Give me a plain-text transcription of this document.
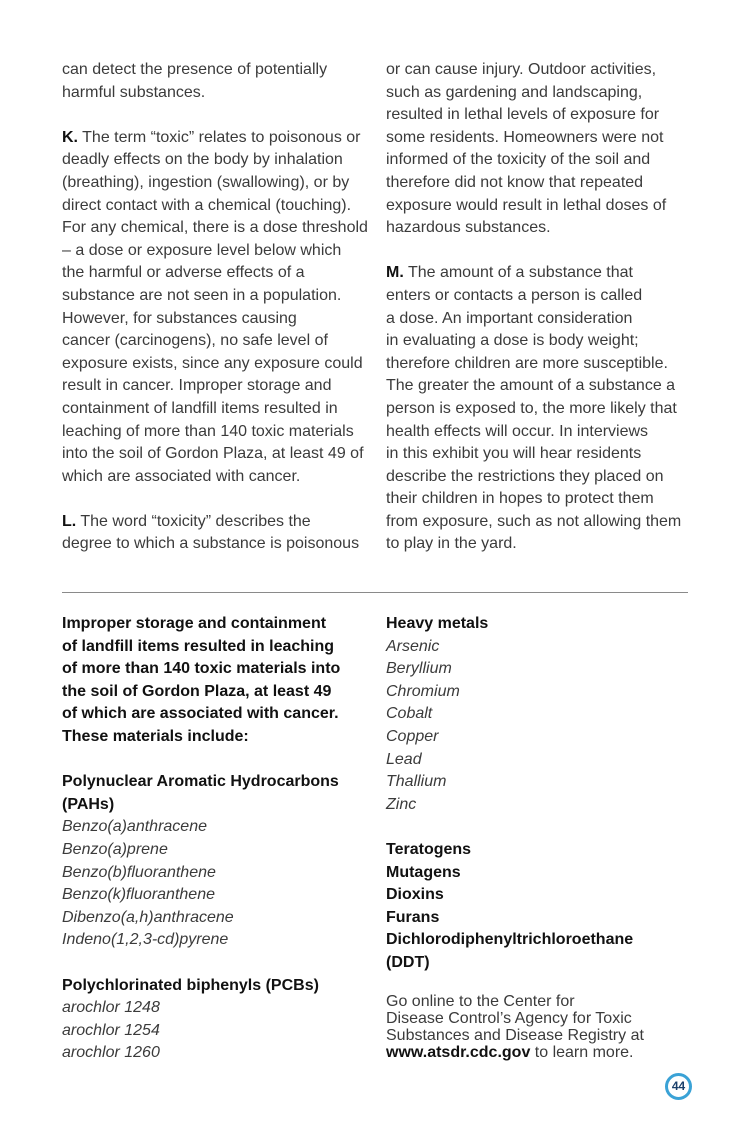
can detect the presence of potentially

harmful substances.

K. The term “toxic” relates to poisonous or

deadly effects on the body by inhalation

(breathing), ingestion (swallowing), or by

direct contact with a chemical (touching).

For any chemical, there is a dose threshold

– a dose or exposure level below which

the harmful or adverse effects of a

substance are not seen in a population.

However, for substances causing

cancer (carcinogens), no safe level of

exposure exists, since any exposure could

result in cancer. Improper storage and

containment of landfill items resulted in

leaching of more than 140 toxic materials

into the soil of Gordon Plaza, at least 49 of

which are associated with cancer.

L. The word “toxicity” describes the

degree to which a substance is poisonous

or can cause injury. Outdoor activities,

such as gardening and landscaping,

resulted in lethal levels of exposure for

some residents. Homeowners were not

informed of the toxicity of the soil and

therefore did not know that repeated

exposure would result in lethal doses of

hazardous substances.

M. The amount of a substance that

enters or contacts a person is called

a dose. An important consideration

in evaluating a dose is body weight;

therefore children are more susceptible.

The greater the amount of a substance a

person is exposed to, the more likely that

health effects will occur. In interviews

in this exhibit you will hear residents

describe the restrictions they placed on

their children in hopes to protect them

from exposure, such as not allowing them

to play in the yard.

Improper storage and containment

of landfill items resulted in leaching

of more than 140 toxic materials into

the soil of Gordon Plaza, at least 49

of which are associated with cancer.

These materials include:

Polynuclear Aromatic Hydrocarbons

(PAHs)

Benzo(a)anthracene

Benzo(a)prene

Benzo(b)fluoranthene

Benzo(k)fluoranthene

Dibenzo(a,h)anthracene

Indeno(1,2,3-cd)pyrene

Polychlorinated biphenyls (PCBs)

arochlor 1248

arochlor 1254

arochlor 1260

Heavy metals

Arsenic

Beryllium

Chromium

Cobalt

Copper

Lead

Thallium

Zinc

Teratogens

Mutagens

Dioxins

Furans

Dichlorodiphenyltrichloroethane

(DDT)

Go online to the Center for

Disease Control’s Agency for Toxic

Substances and Disease Registry at

www.atsdr.cdc.gov to learn more.

44
